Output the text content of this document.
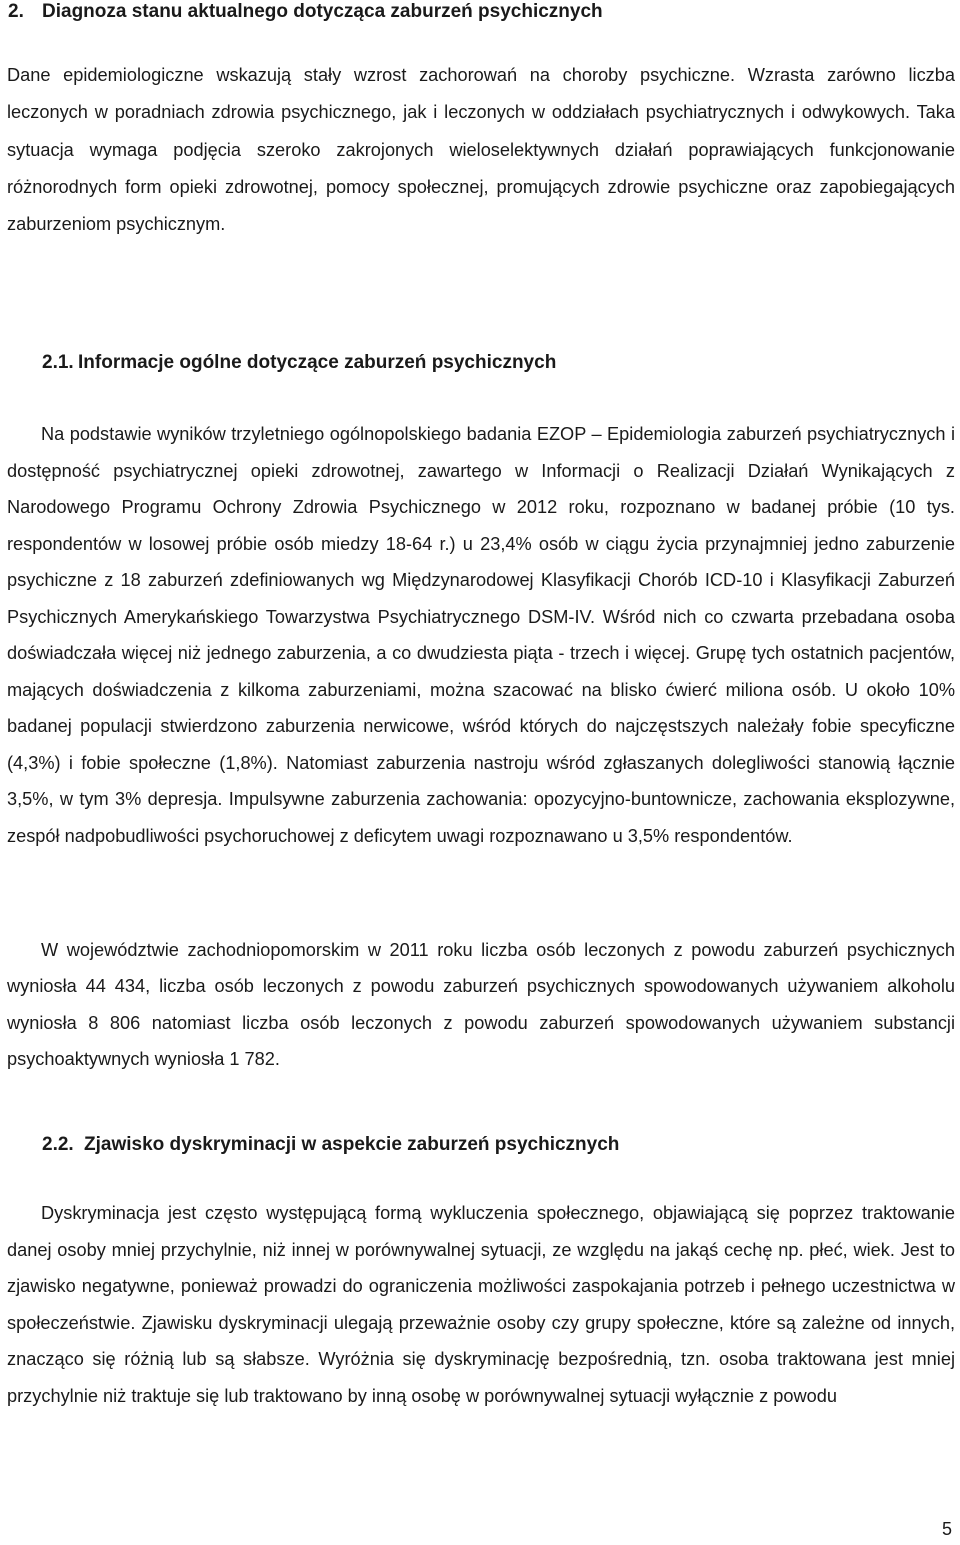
2. Diagnoza stanu aktualnego dotycząca zaburzeń psychicznych

Dane epidemiologiczne wskazują stały wzrost zachorowań na choroby psychiczne. Wzrasta zarówno liczba leczonych w poradniach zdrowia psychicznego, jak i leczonych w oddziałach psychiatrycznych i odwykowych. Taka sytuacja wymaga podjęcia szeroko zakrojonych wieloselektywnych działań poprawiających funkcjonowanie różnorodnych form opieki zdrowotnej, pomocy społecznej, promujących zdrowie psychiczne oraz zapobiegających zaburzeniom psychicznym.

2.1. Informacje ogólne dotyczące zaburzeń psychicznych

Na podstawie wyników trzyletniego ogólnopolskiego badania EZOP – Epidemiologia zaburzeń psychiatrycznych i dostępność psychiatrycznej opieki zdrowotnej, zawartego w Informacji o Realizacji Działań Wynikających z Narodowego Programu Ochrony Zdrowia Psychicznego w 2012 roku, rozpoznano w badanej próbie (10 tys. respondentów w losowej próbie osób miedzy 18-64 r.) u 23,4% osób w ciągu życia przynajmniej jedno zaburzenie psychiczne z 18 zaburzeń zdefiniowanych wg Międzynarodowej Klasyfikacji Chorób ICD-10 i Klasyfikacji Zaburzeń Psychicznych Amerykańskiego Towarzystwa Psychiatrycznego DSM-IV. Wśród nich co czwarta przebadana osoba doświadczała więcej niż jednego zaburzenia, a co dwudziesta piąta - trzech i więcej. Grupę tych ostatnich pacjentów, mających doświadczenia z kilkoma zaburzeniami, można szacować na blisko ćwierć miliona osób. U około 10% badanej populacji stwierdzono zaburzenia nerwicowe, wśród których do najczęstszych należały fobie specyficzne (4,3%) i fobie społeczne (1,8%). Natomiast zaburzenia nastroju wśród zgłaszanych dolegliwości stanowią łącznie 3,5%, w tym 3% depresja. Impulsywne zaburzenia zachowania: opozycyjno-buntownicze, zachowania eksplozywne, zespół nadpobudliwości psychoruchowej z deficytem uwagi rozpoznawano u 3,5% respondentów.

W województwie zachodniopomorskim w 2011 roku liczba osób leczonych z powodu zaburzeń psychicznych wyniosła 44 434, liczba osób leczonych z powodu zaburzeń psychicznych spowodowanych używaniem alkoholu wyniosła 8 806 natomiast liczba osób leczonych z powodu zaburzeń spowodowanych używaniem substancji psychoaktywnych wyniosła 1 782.

2.2. Zjawisko dyskryminacji w aspekcie zaburzeń psychicznych

Dyskryminacja jest często występującą formą wykluczenia społecznego, objawiającą się poprzez traktowanie danej osoby mniej przychylnie, niż innej w porównywalnej sytuacji, ze względu na jakąś cechę np. płeć, wiek. Jest to zjawisko negatywne, ponieważ prowadzi do ograniczenia możliwości zaspokajania potrzeb i pełnego uczestnictwa w społeczeństwie. Zjawisku dyskryminacji ulegają przeważnie osoby czy grupy społeczne, które są zależne od innych, znacząco się różnią lub są słabsze. Wyróżnia się dyskryminację bezpośrednią, tzn. osoba traktowana jest mniej przychylnie niż traktuje się lub traktowano by inną osobę w porównywalnej sytuacji wyłącznie z powodu

5
